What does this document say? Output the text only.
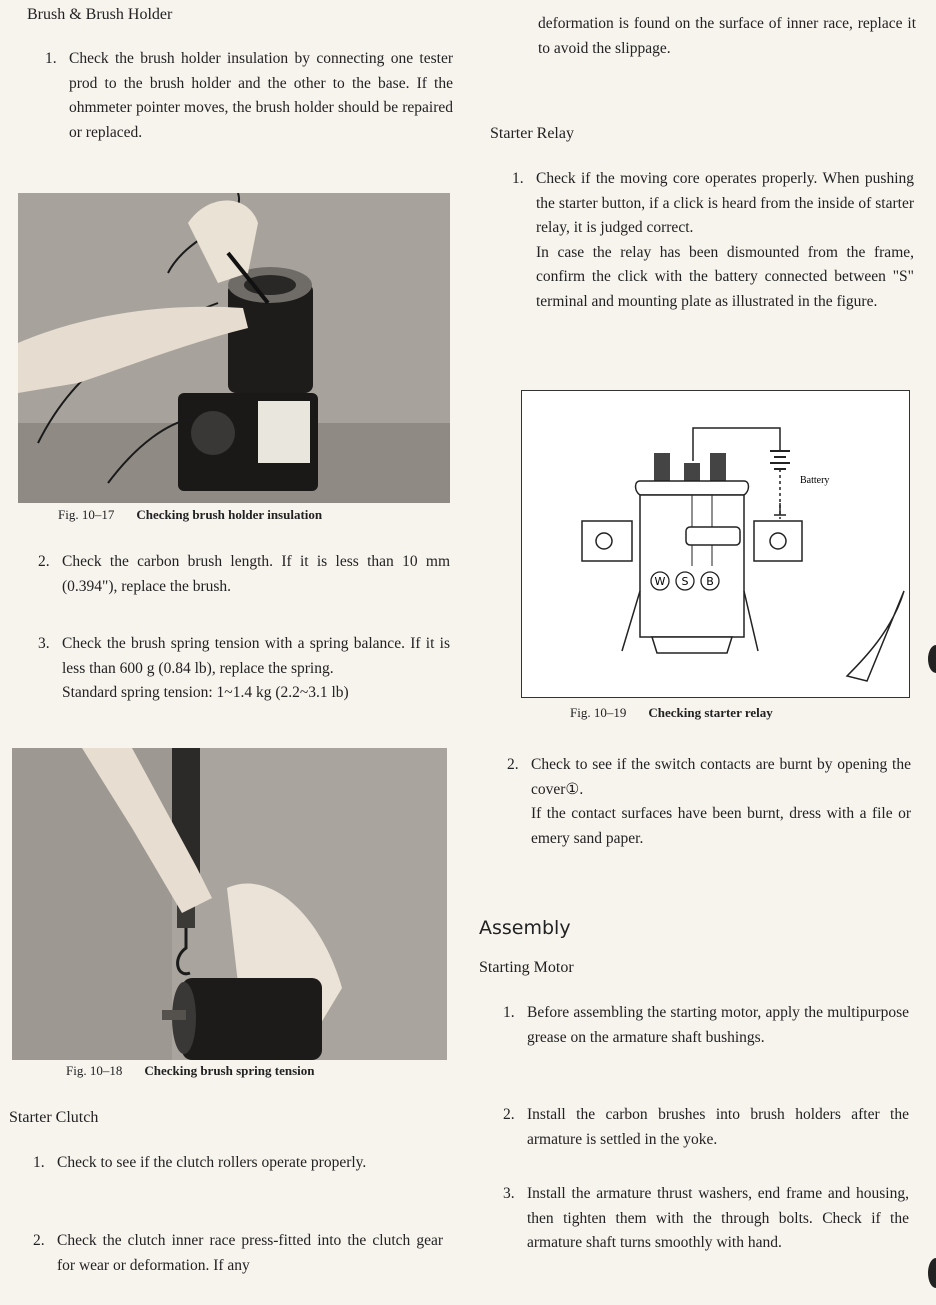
Brush & Brush Holder
1. Check the brush holder insulation by connecting one tester prod to the brush holder and the other to the base. If the ohmmeter pointer moves, the brush holder should be repaired or replaced.
Fig. 10–17 Checking brush holder insulation
2. Check the carbon brush length. If it is less than 10 mm (0.394"), replace the brush.
3. Check the brush spring tension with a spring balance. If it is less than 600 g (0.84 lb), replace the spring.
Standard spring tension: 1~1.4 kg (2.2~3.1 lb)
Fig. 10–18 Checking brush spring tension
Starter Clutch
1. Check to see if the clutch rollers operate properly.
2. Check the clutch inner race press-fitted into the clutch gear for wear or deformation. If any
deformation is found on the surface of inner race, replace it to avoid the slippage.
Starter Relay
1. Check if the moving core operates properly. When pushing the starter button, if a click is heard from the inside of starter relay, it is judged correct.
In case the relay has been dismounted from the frame, confirm the click with the battery connected between "S" terminal and mounting plate as illustrated in the figure.
W S B
Battery
Fig. 10–19 Checking starter relay
2. Check to see if the switch contacts are burnt by opening the cover①.
If the contact surfaces have been burnt, dress with a file or emery sand paper.
Assembly
Starting Motor
1. Before assembling the starting motor, apply the multipurpose grease on the armature shaft bushings.
2. Install the carbon brushes into brush holders after the armature is settled in the yoke.
3. Install the armature thrust washers, end frame and housing, then tighten them with the through bolts. Check if the armature shaft turns smoothly with hand.
